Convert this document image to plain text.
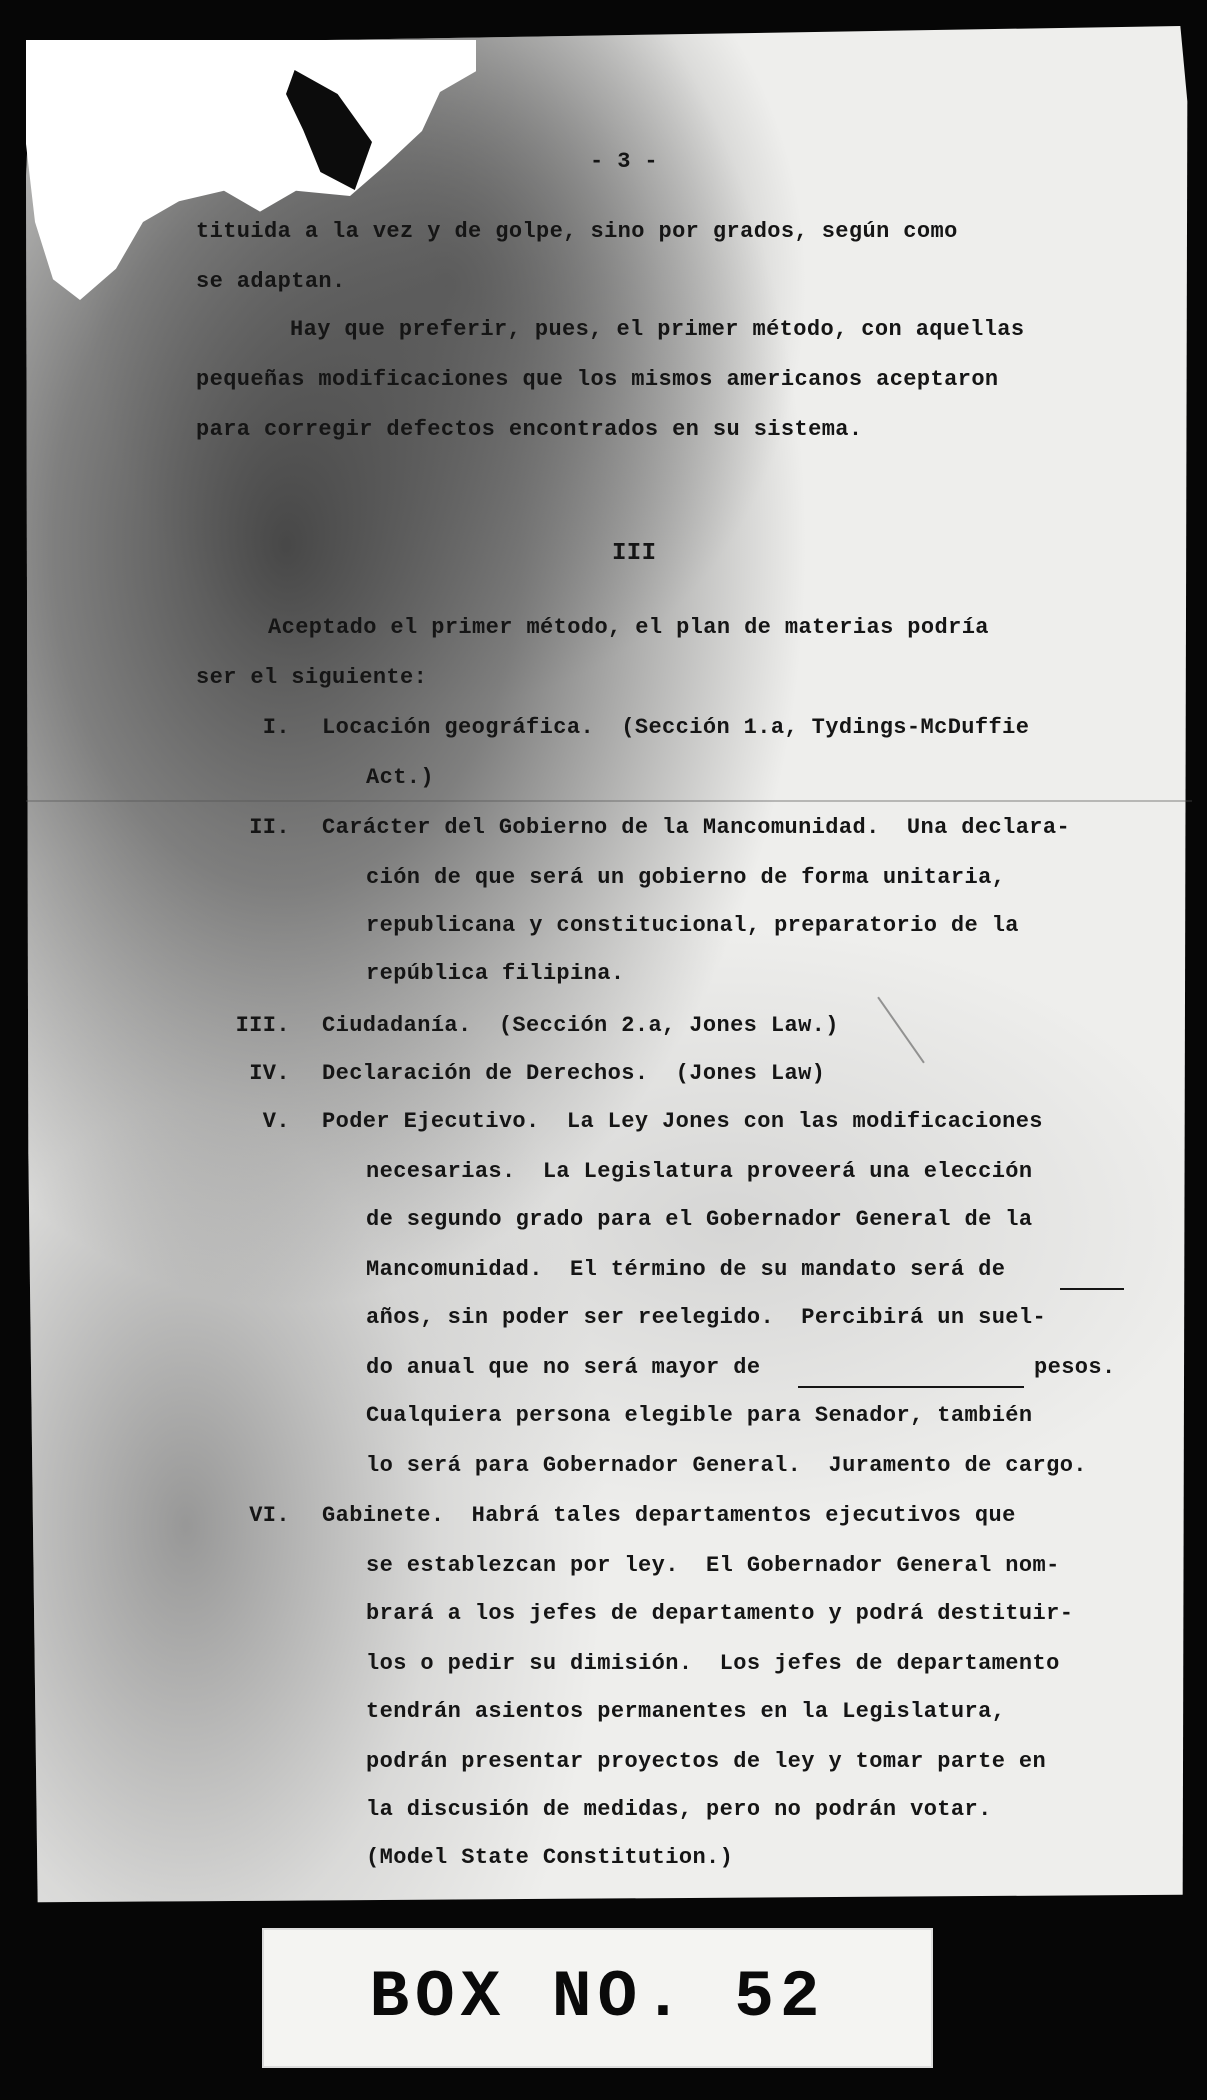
- 3 -
tituida a la vez y de golpe, sino por grados, según como
se adaptan.
Hay que preferir, pues, el primer método, con aquellas
pequeñas modificaciones que los mismos americanos aceptaron
para corregir defectos encontrados en su sistema.
III
Aceptado el primer método, el plan de materias podría
ser el siguiente:
I. Locación geográfica.  (Sección 1.a, Tydings-McDuffie
Act.)
II. Carácter del Gobierno de la Mancomunidad.  Una declara-
ción de que será un gobierno de forma unitaria,
republicana y constitucional, preparatorio de la
república filipina.
III. Ciudadanía.  (Sección 2.a, Jones Law.)
IV. Declaración de Derechos.  (Jones Law)
V. Poder Ejecutivo.  La Ley Jones con las modificaciones
necesarias.  La Legislatura proveerá una elección
de segundo grado para el Gobernador General de la
Mancomunidad.  El término de su mandato será de
años, sin poder ser reelegido.  Percibirá un suel-
do anual que no será mayor de	pesos.
Cualquiera persona elegible para Senador, también
lo será para Gobernador General.  Juramento de cargo.
VI. Gabinete.  Habrá tales departamentos ejecutivos que
se establezcan por ley.  El Gobernador General nom-
brará a los jefes de departamento y podrá destituir-
los o pedir su dimisión.  Los jefes de departamento
tendrán asientos permanentes en la Legislatura,
podrán presentar proyectos de ley y tomar parte en
la discusión de medidas, pero no podrán votar.
(Model State Constitution.)
BOX NO. 52
